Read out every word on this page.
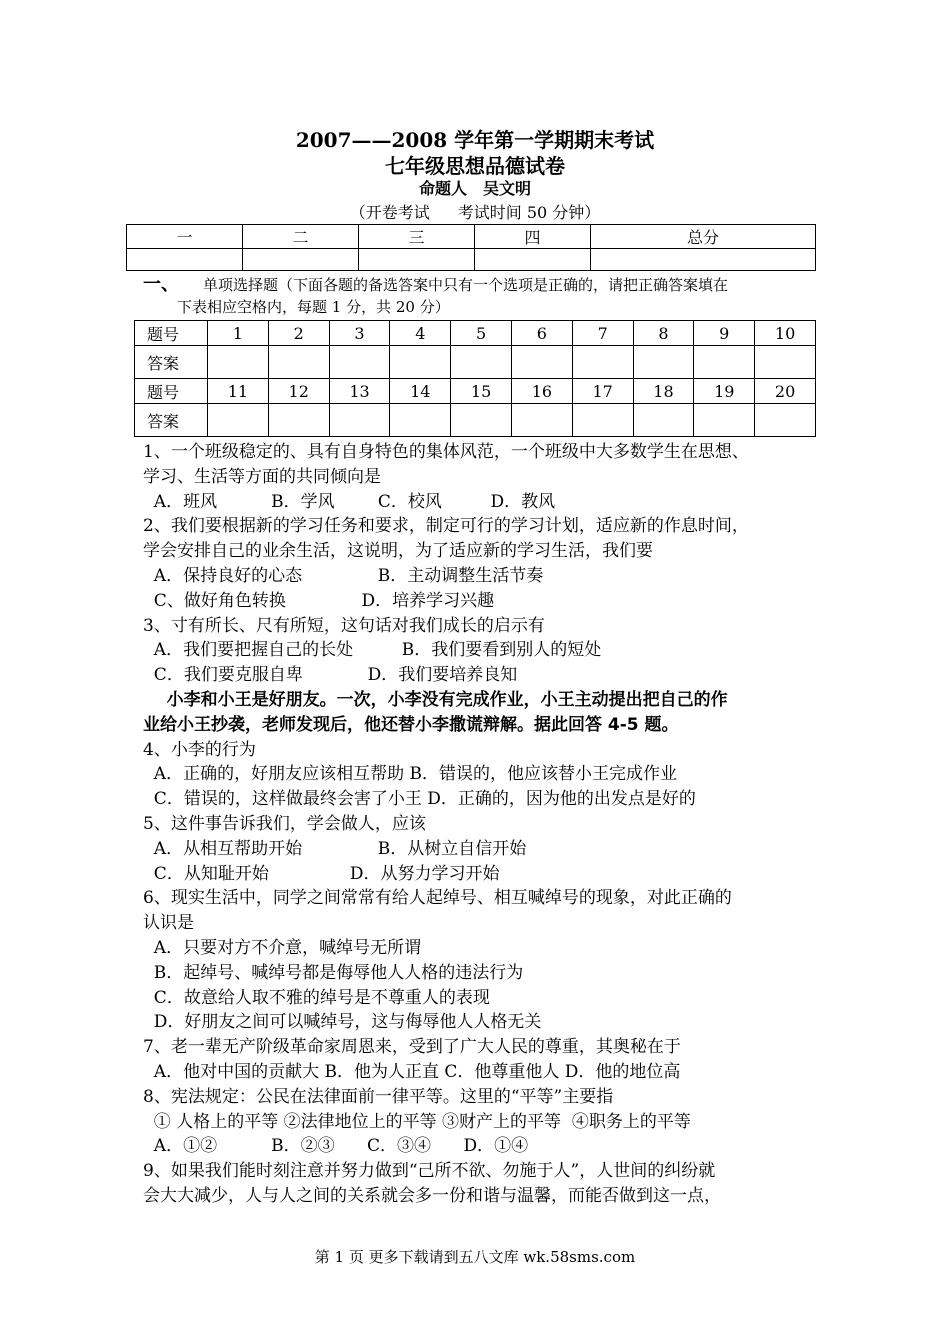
2007——2008 学年第一学期期末考试
七年级思想品德试卷
命题人 吴文明
（开卷考试 考试时间 50 分钟）
一	二	三	四	总分

一、 单项选择题（下面各题的备选答案中只有一个选项是正确的，请把正确答案填在
下表相应空格内，每题 1 分，共 20 分）
题号	1	2	3	4	5	6	7	8	9	10
答案										
题号	11	12	13	14	15	16	17	18	19	20
答案										
1、一个班级稳定的、具有自身特色的集体风范，一个班级中大多数学生在思想、
学习、生活等方面的共同倾向是
A．班风          B．学风        C．校风         D．教风
2、我们要根据新的学习任务和要求，制定可行的学习计划，适应新的作息时间，
学会安排自己的业余生活，这说明，为了适应新的学习生活，我们要
A．保持良好的心态              B．主动调整生活节奏
C、做好角色转换              D．培养学习兴趣
3、寸有所长、尺有所短，这句话对我们成长的启示有
A．我们要把握自己的长处         B．我们要看到别人的短处
C．我们要克服自卑            D．我们要培养良知
小李和小王是好朋友。一次，小李没有完成作业，小王主动提出把自己的作
业给小王抄袭，老师发现后，他还替小李撒谎辩解。据此回答 4-5 题。
4、小李的行为
A．正确的，好朋友应该相互帮助 B．错误的，他应该替小王完成作业
C．错误的，这样做最终会害了小王 D．正确的，因为他的出发点是好的
5、这件事告诉我们，学会做人，应该
A．从相互帮助开始              B．从树立自信开始
C．从知耻开始               D．从努力学习开始
6、现实生活中，同学之间常常有给人起绰号、相互喊绰号的现象，对此正确的
认识是
A．只要对方不介意，喊绰号无所谓
B．起绰号、喊绰号都是侮辱他人人格的违法行为
C．故意给人取不雅的绰号是不尊重人的表现
D．好朋友之间可以喊绰号，这与侮辱他人人格无关
7、老一辈无产阶级革命家周恩来，受到了广大人民的尊重，其奥秘在于
A．他对中国的贡献大 B．他为人正直 C．他尊重他人 D．他的地位高
8、宪法规定：公民在法律面前一律平等。这里的“平等”主要指
① 人格上的平等 ②法律地位上的平等 ③财产上的平等  ④职务上的平等
A．①②          B．②③      C．③④      D．①④
9、如果我们能时刻注意并努力做到“己所不欲、勿施于人”，人世间的纠纷就
会大大减少，人与人之间的关系就会多一份和谐与温馨，而能否做到这一点，
第 1 页 更多下载请到五八文库 wk.58sms.com
